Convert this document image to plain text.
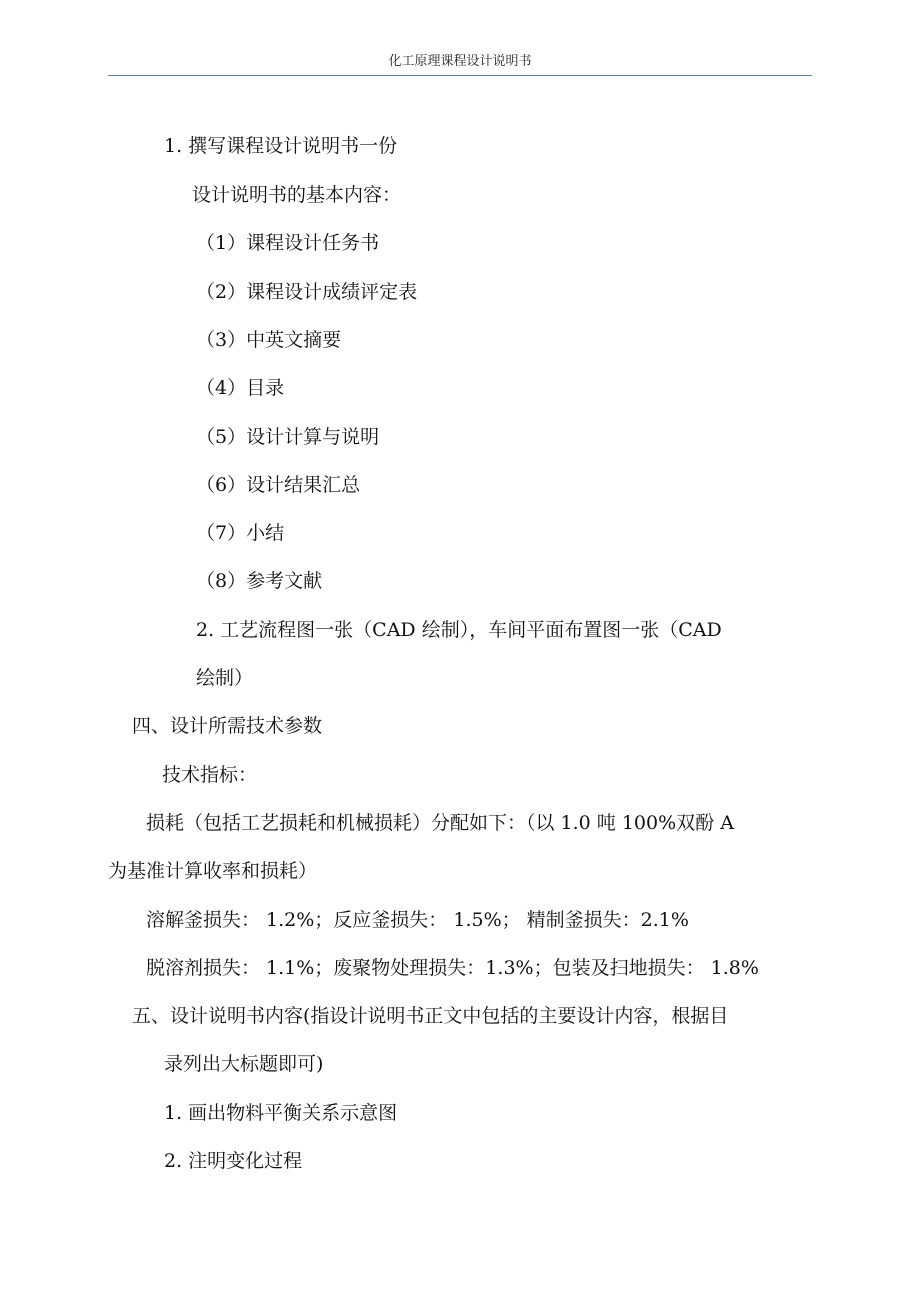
化工原理课程设计说明书
1. 撰写课程设计说明书一份
设计说明书的基本内容：
（1）课程设计任务书
（2）课程设计成绩评定表
（3）中英文摘要
（4）目录
（5）设计计算与说明
（6）设计结果汇总
（7）小结
（8）参考文献
2. 工艺流程图一张（CAD 绘制），车间平面布置图一张（CAD
绘制）
四、设计所需技术参数
技术指标：
损耗（包括工艺损耗和机械损耗）分配如下：（以 1.0 吨 100%双酚 A
为基准计算收率和损耗）
溶解釜损失： 1.2%；反应釜损失： 1.5%； 精制釜损失：2.1%
脱溶剂损失： 1.1%；废聚物处理损失：1.3%；包装及扫地损失： 1.8%
五、设计说明书内容(指设计说明书正文中包括的主要设计内容，根据目
录列出大标题即可)
1. 画出物料平衡关系示意图
2. 注明变化过程
